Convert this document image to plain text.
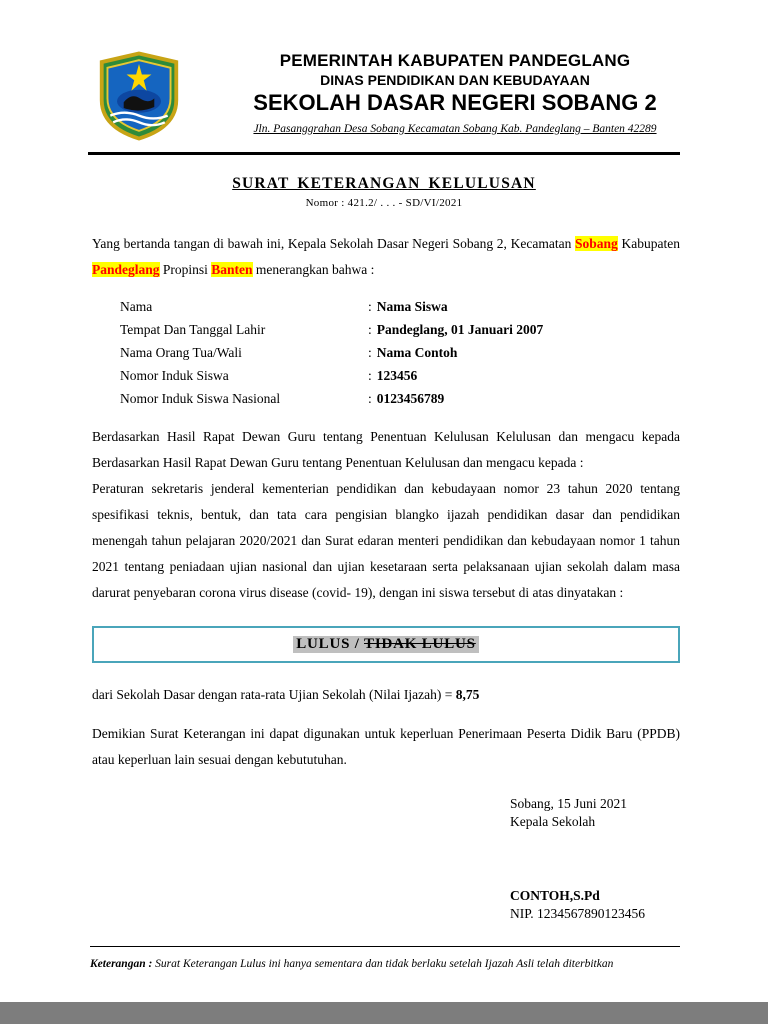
PEMERINTAH KABUPATEN PANDEGLANG
DINAS PENDIDIKAN DAN KEBUDAYAAN
SEKOLAH DASAR NEGERI SOBANG 2
Jln. Pasanggrahan Desa Sobang Kecamatan Sobang Kab. Pandeglang – Banten 42289
SURAT KETERANGAN KELULUSAN
Nomor : 421.2/ . . . - SD/VI/2021

Yang bertanda tangan di bawah ini, Kepala Sekolah Dasar Negeri Sobang 2, Kecamatan Sobang Kabupaten Pandeglang Propinsi Banten menerangkan bahwa :

Nama	: Nama Siswa
Tempat Dan Tanggal Lahir	: Pandeglang, 01 Januari 2007
Nama Orang Tua/Wali	: Nama Contoh
Nomor Induk Siswa	: 123456
Nomor Induk Siswa Nasional	: 0123456789

Berdasarkan Hasil Rapat Dewan Guru tentang Penentuan Kelulusan Kelulusan dan mengacu kepada Berdasarkan Hasil Rapat Dewan Guru tentang Penentuan Kelulusan dan mengacu kepada :

Peraturan sekretaris jenderal kementerian pendidikan dan kebudayaan nomor 23 tahun 2020 tentang spesifikasi teknis, bentuk, dan tata cara pengisian blangko ijazah pendidikan dasar dan pendidikan menengah tahun pelajaran 2020/2021 dan Surat edaran menteri pendidikan dan kebudayaan nomor 1 tahun 2021 tentang peniadaan ujian nasional dan ujian kesetaraan serta pelaksanaan ujian sekolah dalam masa darurat penyebaran corona virus disease (covid- 19), dengan ini siswa tersebut di atas dinyatakan :

LULUS / TIDAK LULUS

dari Sekolah Dasar dengan rata-rata Ujian Sekolah (Nilai Ijazah) = 8,75

Demikian Surat Keterangan ini dapat digunakan untuk keperluan Penerimaan Peserta Didik Baru (PPDB) atau keperluan lain sesuai dengan kebututuhan.

Sobang, 15 Juni 2021
Kepala Sekolah
CONTOH,S.Pd
NIP. 1234567890123456
Keterangan : Surat Keterangan Lulus ini hanya sementara dan tidak berlaku setelah Ijazah Asli telah diterbitkan
